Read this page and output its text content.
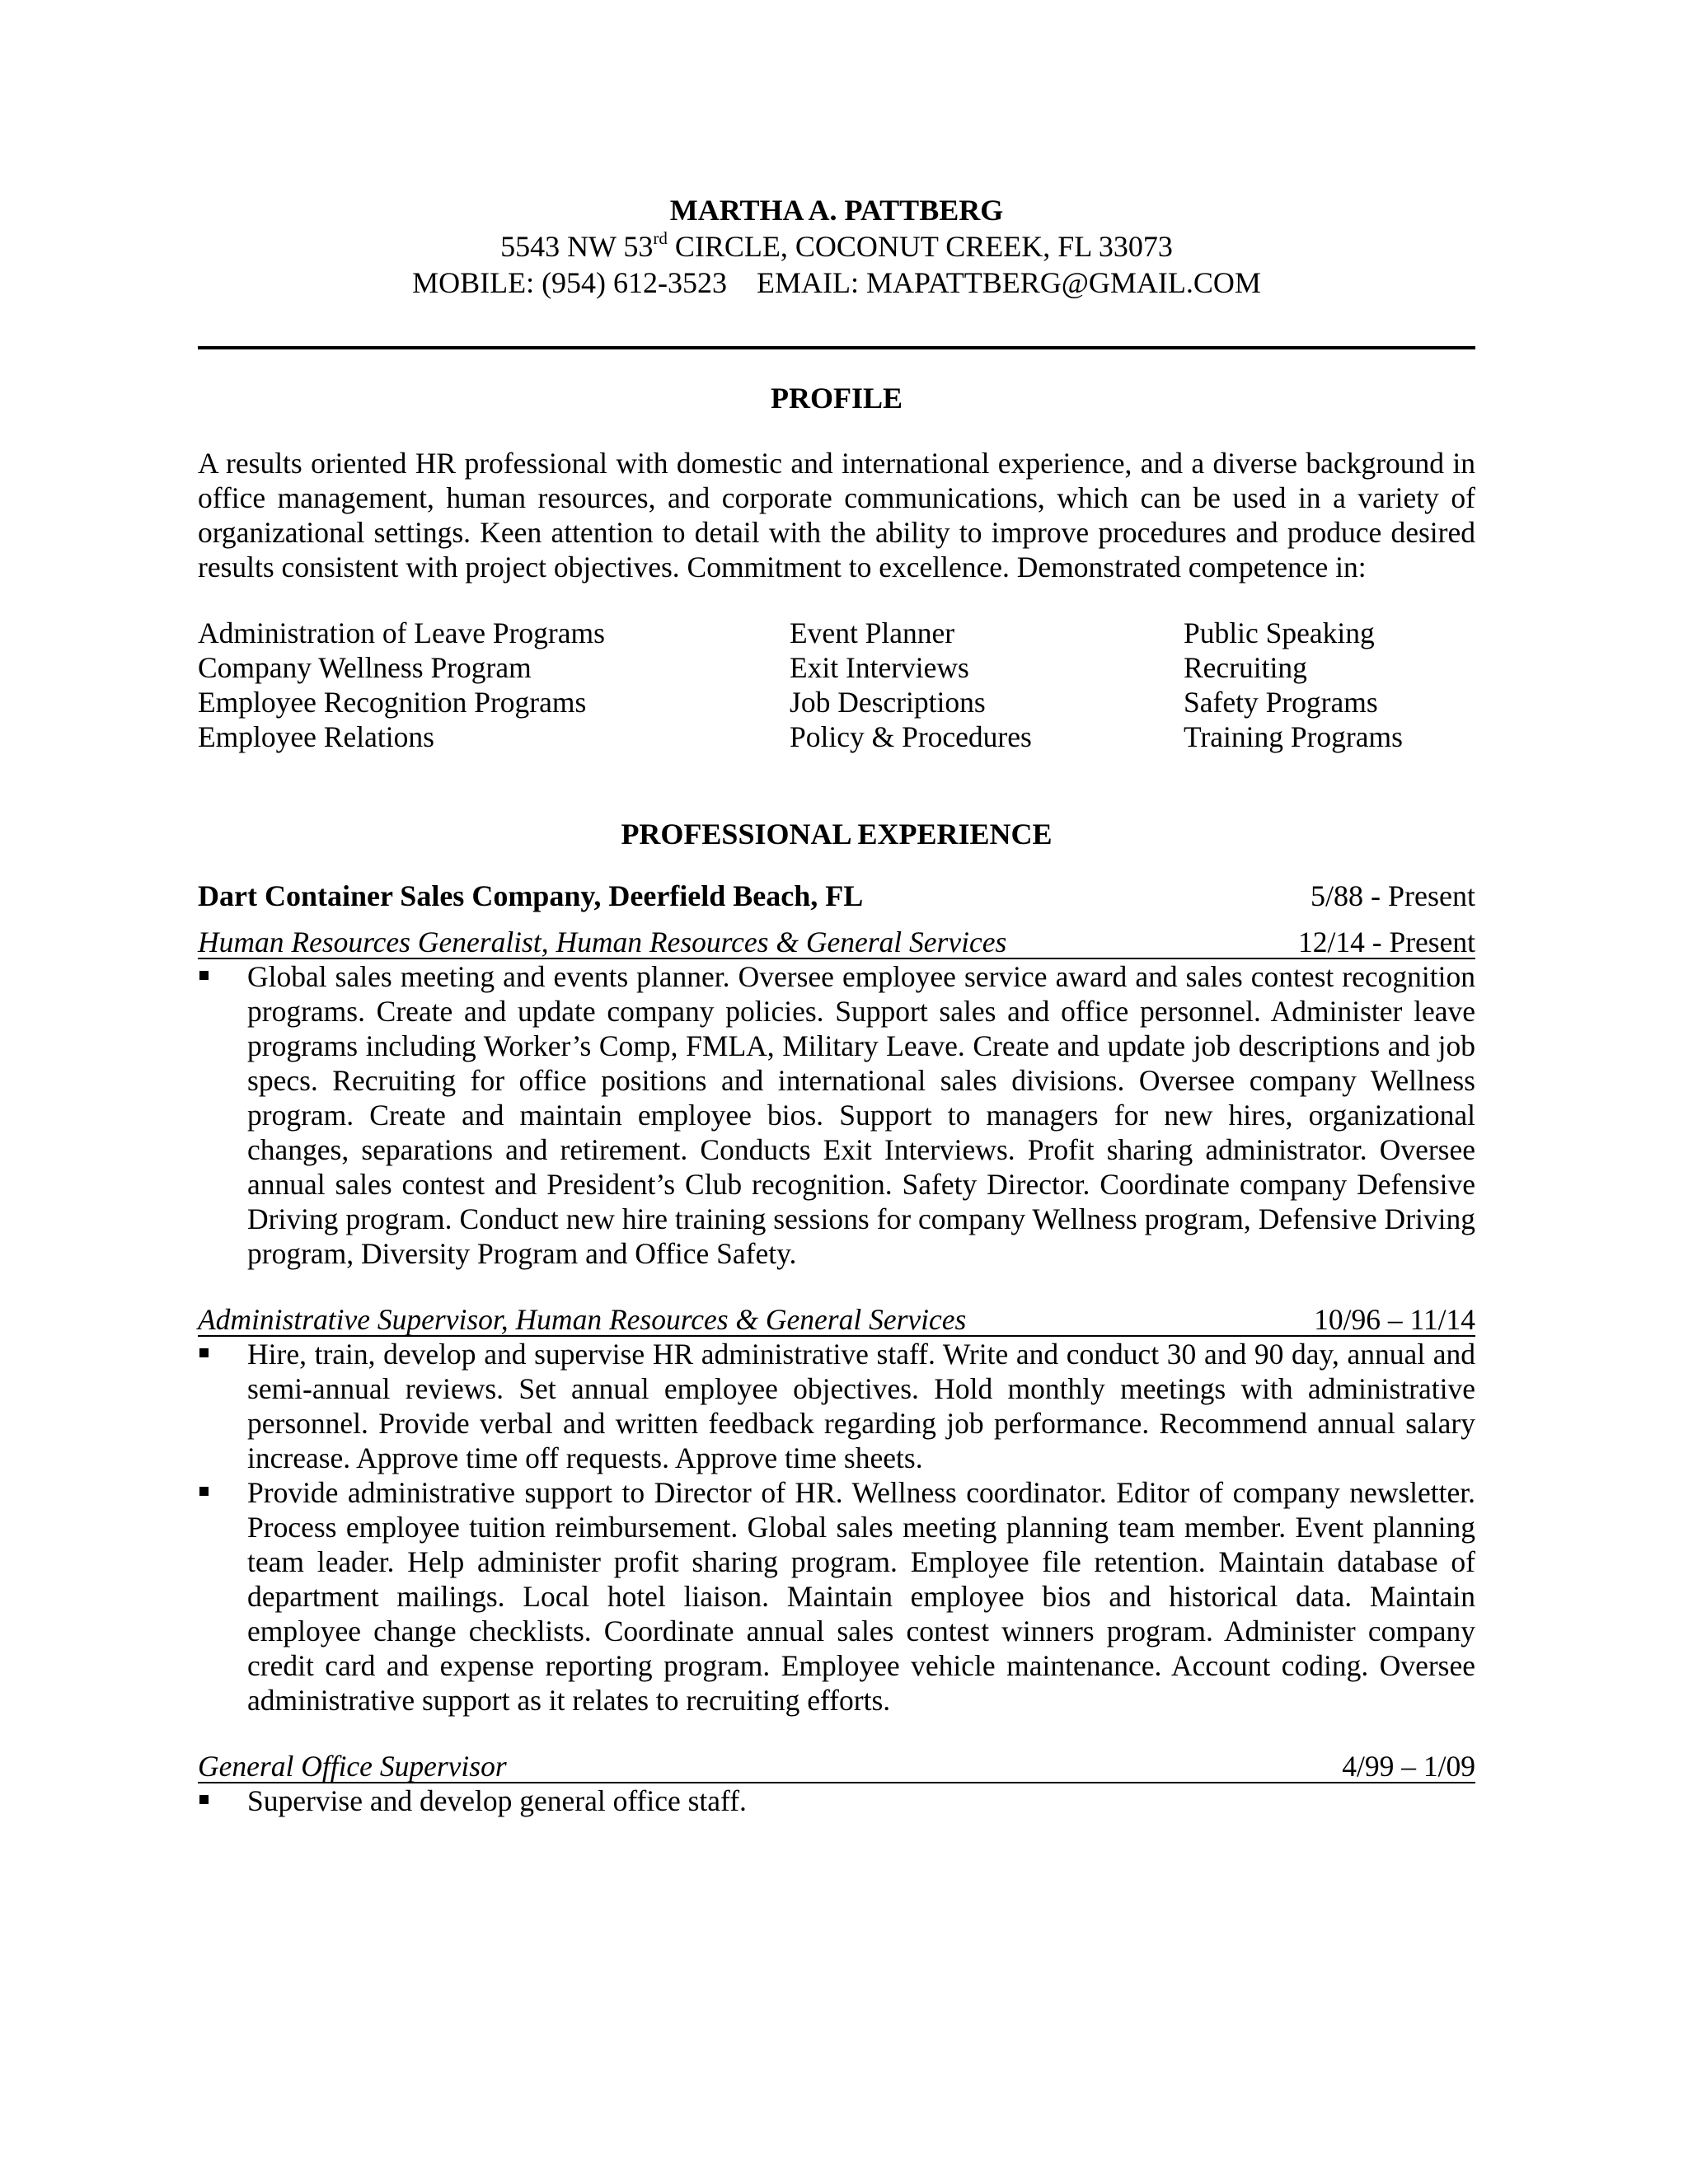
MARTHA A. PATTBERG
5543 NW 53rd CIRCLE, COCONUT CREEK, FL 33073
MOBILE: (954) 612-3523    EMAIL: MAPATTBERG@GMAIL.COM
PROFILE
A results oriented HR professional with domestic and international experience, and a diverse background in office management, human resources, and corporate communications, which can be used in a variety of organizational settings. Keen attention to detail with the ability to improve procedures and produce desired results consistent with project objectives. Commitment to excellence. Demonstrated competence in:
Administration of Leave Programs	Event Planner	Public Speaking
Company Wellness Program	Exit Interviews	Recruiting
Employee Recognition Programs	Job Descriptions	Safety Programs
Employee Relations	Policy & Procedures	Training Programs
PROFESSIONAL EXPERIENCE
Dart Container Sales Company, Deerfield Beach, FL	5/88 - Present
Human Resources Generalist, Human Resources & General Services	12/14 - Present
Global sales meeting and events planner. Oversee employee service award and sales contest recognition programs. Create and update company policies. Support sales and office personnel. Administer leave programs including Worker’s Comp, FMLA, Military Leave. Create and update job descriptions and job specs. Recruiting for office positions and international sales divisions. Oversee company Wellness program. Create and maintain employee bios. Support to managers for new hires, organizational changes, separations and retirement. Conducts Exit Interviews. Profit sharing administrator. Oversee annual sales contest and President’s Club recognition. Safety Director. Coordinate company Defensive Driving program. Conduct new hire training sessions for company Wellness program, Defensive Driving program, Diversity Program and Office Safety.
Administrative Supervisor, Human Resources & General Services	10/96 – 11/14
Hire, train, develop and supervise HR administrative staff. Write and conduct 30 and 90 day, annual and semi-annual reviews. Set annual employee objectives. Hold monthly meetings with administrative personnel. Provide verbal and written feedback regarding job performance. Recommend annual salary increase. Approve time off requests. Approve time sheets.
Provide administrative support to Director of HR. Wellness coordinator. Editor of company newsletter. Process employee tuition reimbursement. Global sales meeting planning team member. Event planning team leader. Help administer profit sharing program. Employee file retention. Maintain database of department mailings. Local hotel liaison. Maintain employee bios and historical data. Maintain employee change checklists. Coordinate annual sales contest winners program. Administer company credit card and expense reporting program. Employee vehicle maintenance. Account coding. Oversee administrative support as it relates to recruiting efforts.
General Office Supervisor	4/99 – 1/09
Supervise and develop general office staff.
